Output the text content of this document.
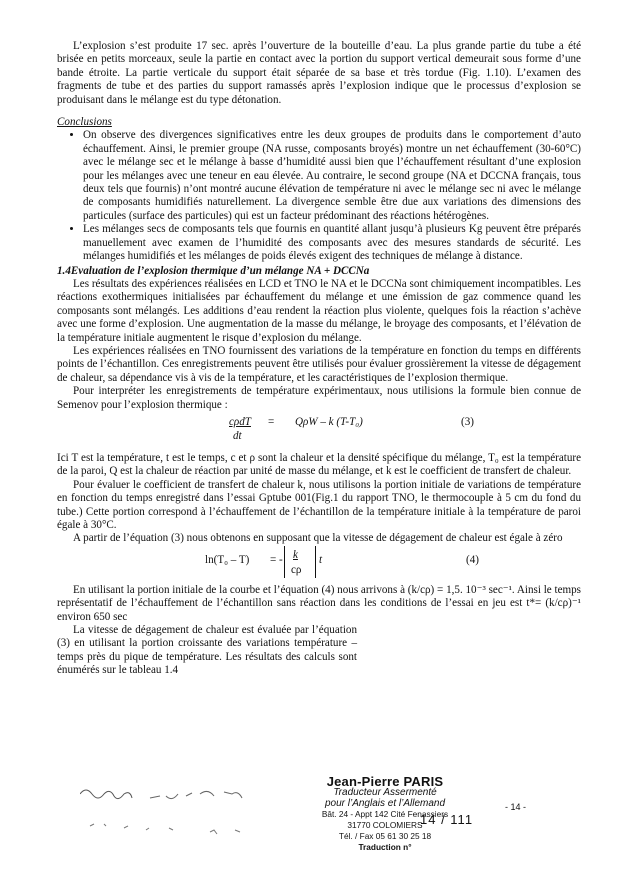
L’explosion s’est produite 17 sec. après l’ouverture de la bouteille d’eau. La plus grande partie du tube a été brisée en petits morceaux, seule la partie en contact avec la portion du support vertical demeurait sous forme d’une bande étroite. La partie verticale du support était séparée de sa base et très tordue (Fig. 1.10). L’examen des fragments de tube et des parties du support ramassés après l’explosion indique que le processus d’explosion se produisant dans le mélange est du type détonation.

Conclusions

• On observe des divergences significatives entre les deux groupes de produits dans le comportement d’auto échauffement. Ainsi, le premier groupe (NA russe, composants broyés) montre un net échauffement (30-60°C) avec le mélange sec et le mélange à basse d’humidité aussi bien que l’échauffement résultant d’une explosion pour les mélanges avec une teneur en eau élevée. Au contraire, le second groupe (NA et DCCNA français, tous deux tels que fournis) n’ont montré aucune élévation de température ni avec le mélange sec ni avec le mélange de composants humidifiés naturellement. La divergence semble être due aux variations des dimensions des particules (surface des particules) qui est un facteur prédominant des réactions hétérogènes.
• Les mélanges secs de composants tels que fournis en quantité allant jusqu’à plusieurs Kg peuvent être préparés manuellement avec examen de l’humidité des composants avec des mesures standards de sécurité. Les mélanges humidifiés et les mélanges de poids élevés exigent des techniques de mélange à distance.

1.4Evaluation de l’explosion thermique d’un mélange NA + DCCNa

Les résultats des expériences réalisées en LCD et TNO le NA et le DCCNa sont chimiquement incompatibles. Les réactions exothermiques initialisées par échauffement du mélange et une émission de gaz commence quand les composants sont mélangés. Les additions d’eau rendent la réaction plus violente, quelques fois la réaction s’achève avec une forme d’explosion. Une augmentation de la masse du mélange, le broyage des composants, et l’élévation de la température initiale augmentent le risque d’explosion du mélange.

Les expériences réalisées en TNO fournissent des variations de la température en fonction du temps en différents points de l’échantillon. Ces enregistrements peuvent être utilisés pour évaluer grossièrement la vitesse de dégagement de chaleur, sa dépendance vis à vis de la température, et les caractéristiques de l’explosion thermique.

Pour interpréter les enregistrements de température expérimentaux, nous utilisions la formule bien connue de Semenov pour l’explosion thermique :

cρdT = QρW – k (T-T₀)
dt
(3)

Ici T est la température, t est le temps, c et ρ sont la chaleur et la densité spécifique du mélange, T₀ est la température de la paroi, Q est la chaleur de réaction par unité de masse du mélange, et k est le coefficient de transfert de chaleur.

Pour évaluer le coefficient de transfert de chaleur k, nous utilisons la portion initiale de variations de température en fonction du temps enregistré dans l’essai Gptube 001(Fig.1 du rapport TNO, le thermocouple à 5 cm du fond du tube.) Cette portion correspond à l’échauffement de l’échantillon de la température initiale à la température de paroi égale à 30°C.

A partir de l’équation (3) nous obtenons en supposant que la vitesse de dégagement de chaleur est égale à zéro

ln(T₀ – T) = - k
cρ
t	(4)

En utilisant la portion initiale de la courbe et l’équation (4) nous arrivons à (k/cρ) = 1,5. 10⁻³ sec⁻¹. Ainsi le temps représentatif de l’échauffement de l’échantillon sans réaction dans les conditions de l’essai en jeu est t*= (k/cρ)⁻¹ environ 650 sec

La vitesse de dégagement de chaleur est évaluée par l’équation (3) en utilisant la portion croissante des variations température – temps près du pique de température. Les résultats des calculs sont énumérés sur le tableau 1.4

Jean-Pierre PARIS
Traducteur Assermenté
pour l’Anglais et l’Allemand
Bât. 24 - Appt 142 Cité Fenassiers
31770 COLOMIERS
Tél. / Fax 05 61 30 25 18
Traduction n°
14 / 111
- 14 -
